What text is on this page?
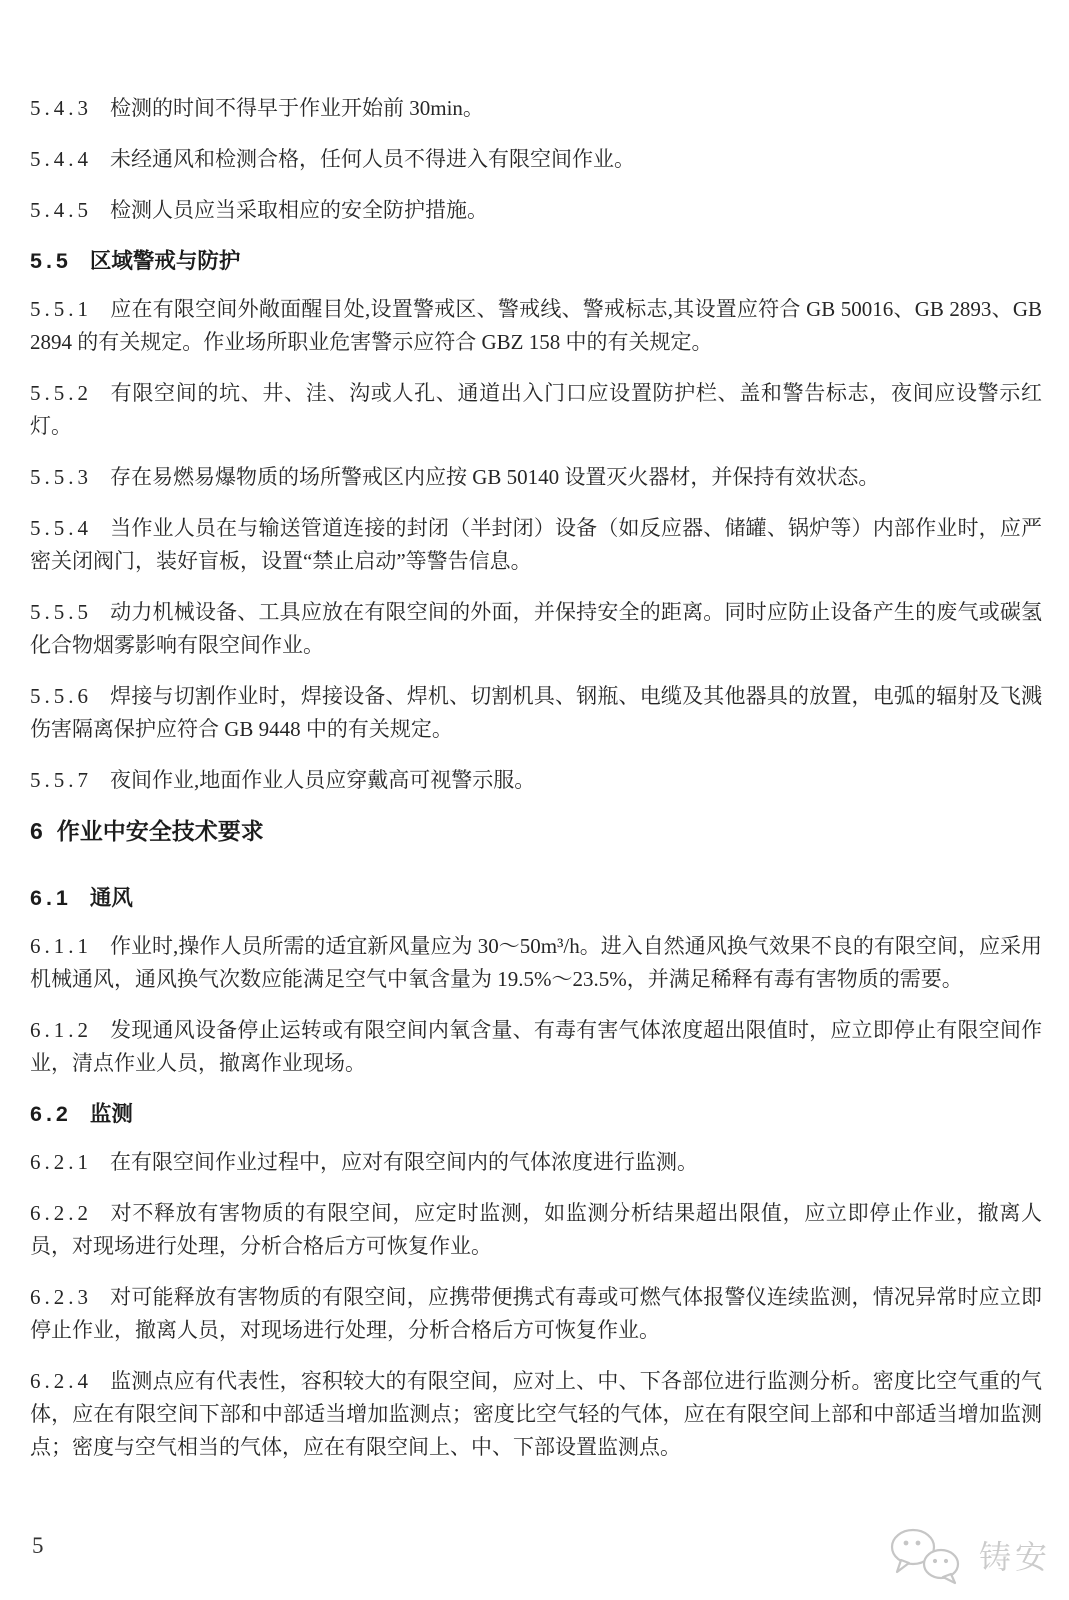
5.4.3 检测的时间不得早于作业开始前 30min。

5.4.4 未经通风和检测合格，任何人员不得进入有限空间作业。

5.4.5 检测人员应当采取相应的安全防护措施。

5.5 区域警戒与防护

5.5.1 应在有限空间外敞面醒目处,设置警戒区、警戒线、警戒标志,其设置应符合 GB 50016、GB 2893、GB 2894 的有关规定。作业场所职业危害警示应符合 GBZ 158 中的有关规定。

5.5.2 有限空间的坑、井、洼、沟或人孔、通道出入门口应设置防护栏、盖和警告标志，夜间应设警示红灯。

5.5.3 存在易燃易爆物质的场所警戒区内应按 GB 50140 设置灭火器材，并保持有效状态。

5.5.4 当作业人员在与输送管道连接的封闭（半封闭）设备（如反应器、储罐、锅炉等）内部作业时，应严密关闭阀门，装好盲板，设置“禁止启动”等警告信息。

5.5.5 动力机械设备、工具应放在有限空间的外面，并保持安全的距离。同时应防止设备产生的废气或碳氢化合物烟雾影响有限空间作业。

5.5.6 焊接与切割作业时，焊接设备、焊机、切割机具、钢瓶、电缆及其他器具的放置，电弧的辐射及飞溅伤害隔离保护应符合 GB 9448 中的有关规定。

5.5.7 夜间作业,地面作业人员应穿戴高可视警示服。

6 作业中安全技术要求

6.1 通风

6.1.1 作业时,操作人员所需的适宜新风量应为 30～50m³/h。进入自然通风换气效果不良的有限空间，应采用机械通风，通风换气次数应能满足空气中氧含量为 19.5%～23.5%，并满足稀释有毒有害物质的需要。

6.1.2 发现通风设备停止运转或有限空间内氧含量、有毒有害气体浓度超出限值时，应立即停止有限空间作业，清点作业人员，撤离作业现场。

6.2 监测

6.2.1 在有限空间作业过程中，应对有限空间内的气体浓度进行监测。

6.2.2 对不释放有害物质的有限空间，应定时监测，如监测分析结果超出限值，应立即停止作业，撤离人员，对现场进行处理，分析合格后方可恢复作业。

6.2.3 对可能释放有害物质的有限空间，应携带便携式有毒或可燃气体报警仪连续监测，情况异常时应立即停止作业，撤离人员，对现场进行处理，分析合格后方可恢复作业。

6.2.4 监测点应有代表性，容积较大的有限空间，应对上、中、下各部位进行监测分析。密度比空气重的气体，应在有限空间下部和中部适当增加监测点；密度比空气轻的气体，应在有限空间上部和中部适当增加监测点；密度与空气相当的气体，应在有限空间上、中、下部设置监测点。

5	铸安
